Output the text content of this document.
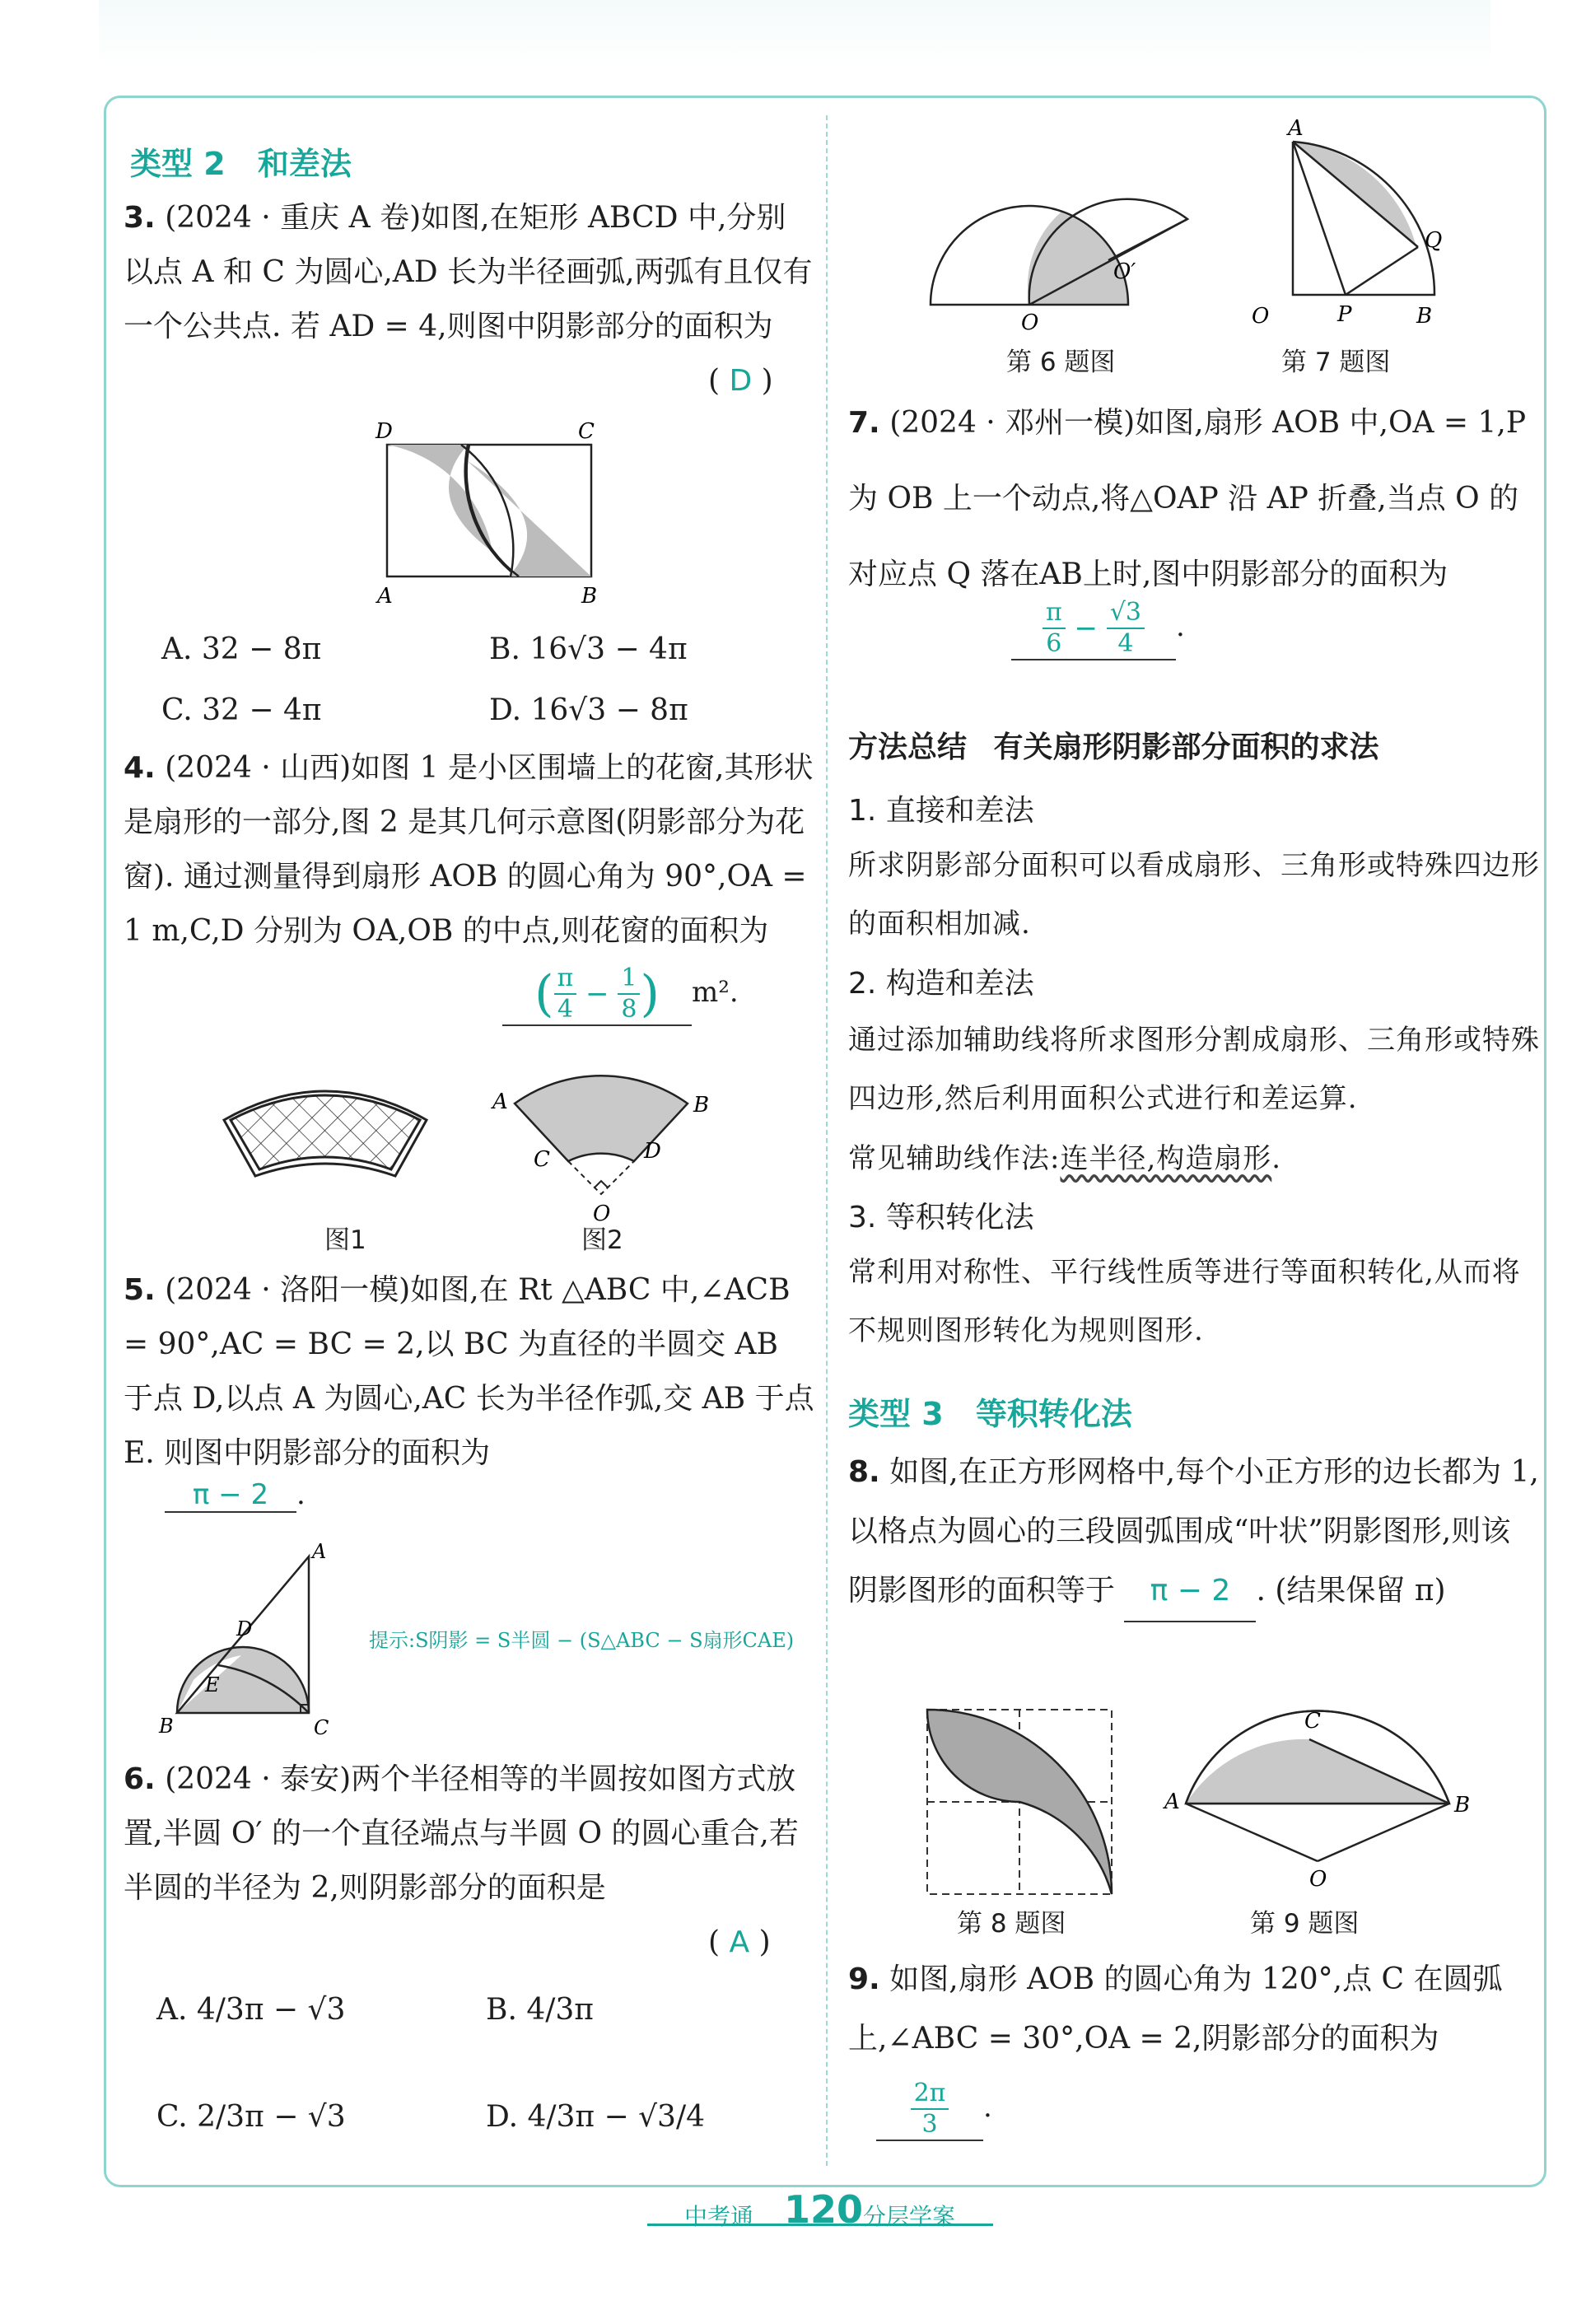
类型 2 和差法
3. (2024 · 重庆 A 卷)如图,在矩形 ABCD 中,分别以点 A 和 C 为圆心,AD 长为半径画弧,两弧有且仅有一个公共点. 若 AD = 4,则图中阴影部分的面积为
( D )
D	C
A	B
A. 32 − 8π	B. 16√3 − 4π
C. 32 − 4π	D. 16√3 − 8π
4. (2024 · 山西)如图 1 是小区围墙上的花窗,其形状是扇形的一部分,图 2 是其几何示意图(阴影部分为花窗). 通过测量得到扇形 AOB 的圆心角为 90°,OA = 1 m,C,D 分别为 OA,OB 的中点,则花窗的面积为
( $\frac{\pi}{4} - \frac{1}{8}$ ) m².
A	B
C	D
O
图1	图2
5. (2024 · 洛阳一模)如图,在 Rt △ABC 中,∠ACB = 90°,AC = BC = 2,以 BC 为直径的半圆交 AB 于点 D,以点 A 为圆心,AC 长为半径作弧,交 AB 于点 E. 则图中阴影部分的面积为
π − 2 .
A
B	C
D
E
提示:S阴影 = S半圆 − (S△ABC − S扇形CAE)
6. (2024 · 泰安)两个半径相等的半圆按如图方式放置,半圆 O′ 的一个直径端点与半圆 O 的圆心重合,若半圆的半径为 2,则阴影部分的面积是
( A )
A. 4/3π − √3	B. 4/3π
C. 2/3π − √3	D. 4/3π − √3/4
O
O′
第 6 题图
A
Q
O	P	B
第 7 题图
7. (2024 · 邓州一模)如图,扇形 AOB 中,OA = 1,P 为 OB 上一个动点,将△OAP 沿 AP 折叠,当点 O 的对应点 Q 落在AB上时,图中阴影部分的面积为
$\frac{\pi}{6} - \frac{√3}{4}$ .
方法总结 有关扇形阴影部分面积的求法
1. 直接和差法
所求阴影部分面积可以看成扇形、三角形或特殊四边形的面积相加减.
2. 构造和差法
通过添加辅助线将所求图形分割成扇形、三角形或特殊四边形,然后利用面积公式进行和差运算.
常见辅助线作法:连半径,构造扇形.
3. 等积转化法
常利用对称性、平行线性质等进行等面积转化,从而将不规则图形转化为规则图形.
类型 3 等积转化法
8. 如图,在正方形网格中,每个小正方形的边长都为 1,以格点为圆心的三段圆弧围成“叶状”阴影图形,则该阴影图形的面积等于 π − 2 . (结果保留 π)
第 8 题图
A	B
C
O
第 9 题图
9. 如图,扇形 AOB 的圆心角为 120°,点 C 在圆弧上,∠ABC = 30°,OA = 2,阴影部分的面积为
$\frac{2\pi}{3}$ .
中考通 120 分层学案
